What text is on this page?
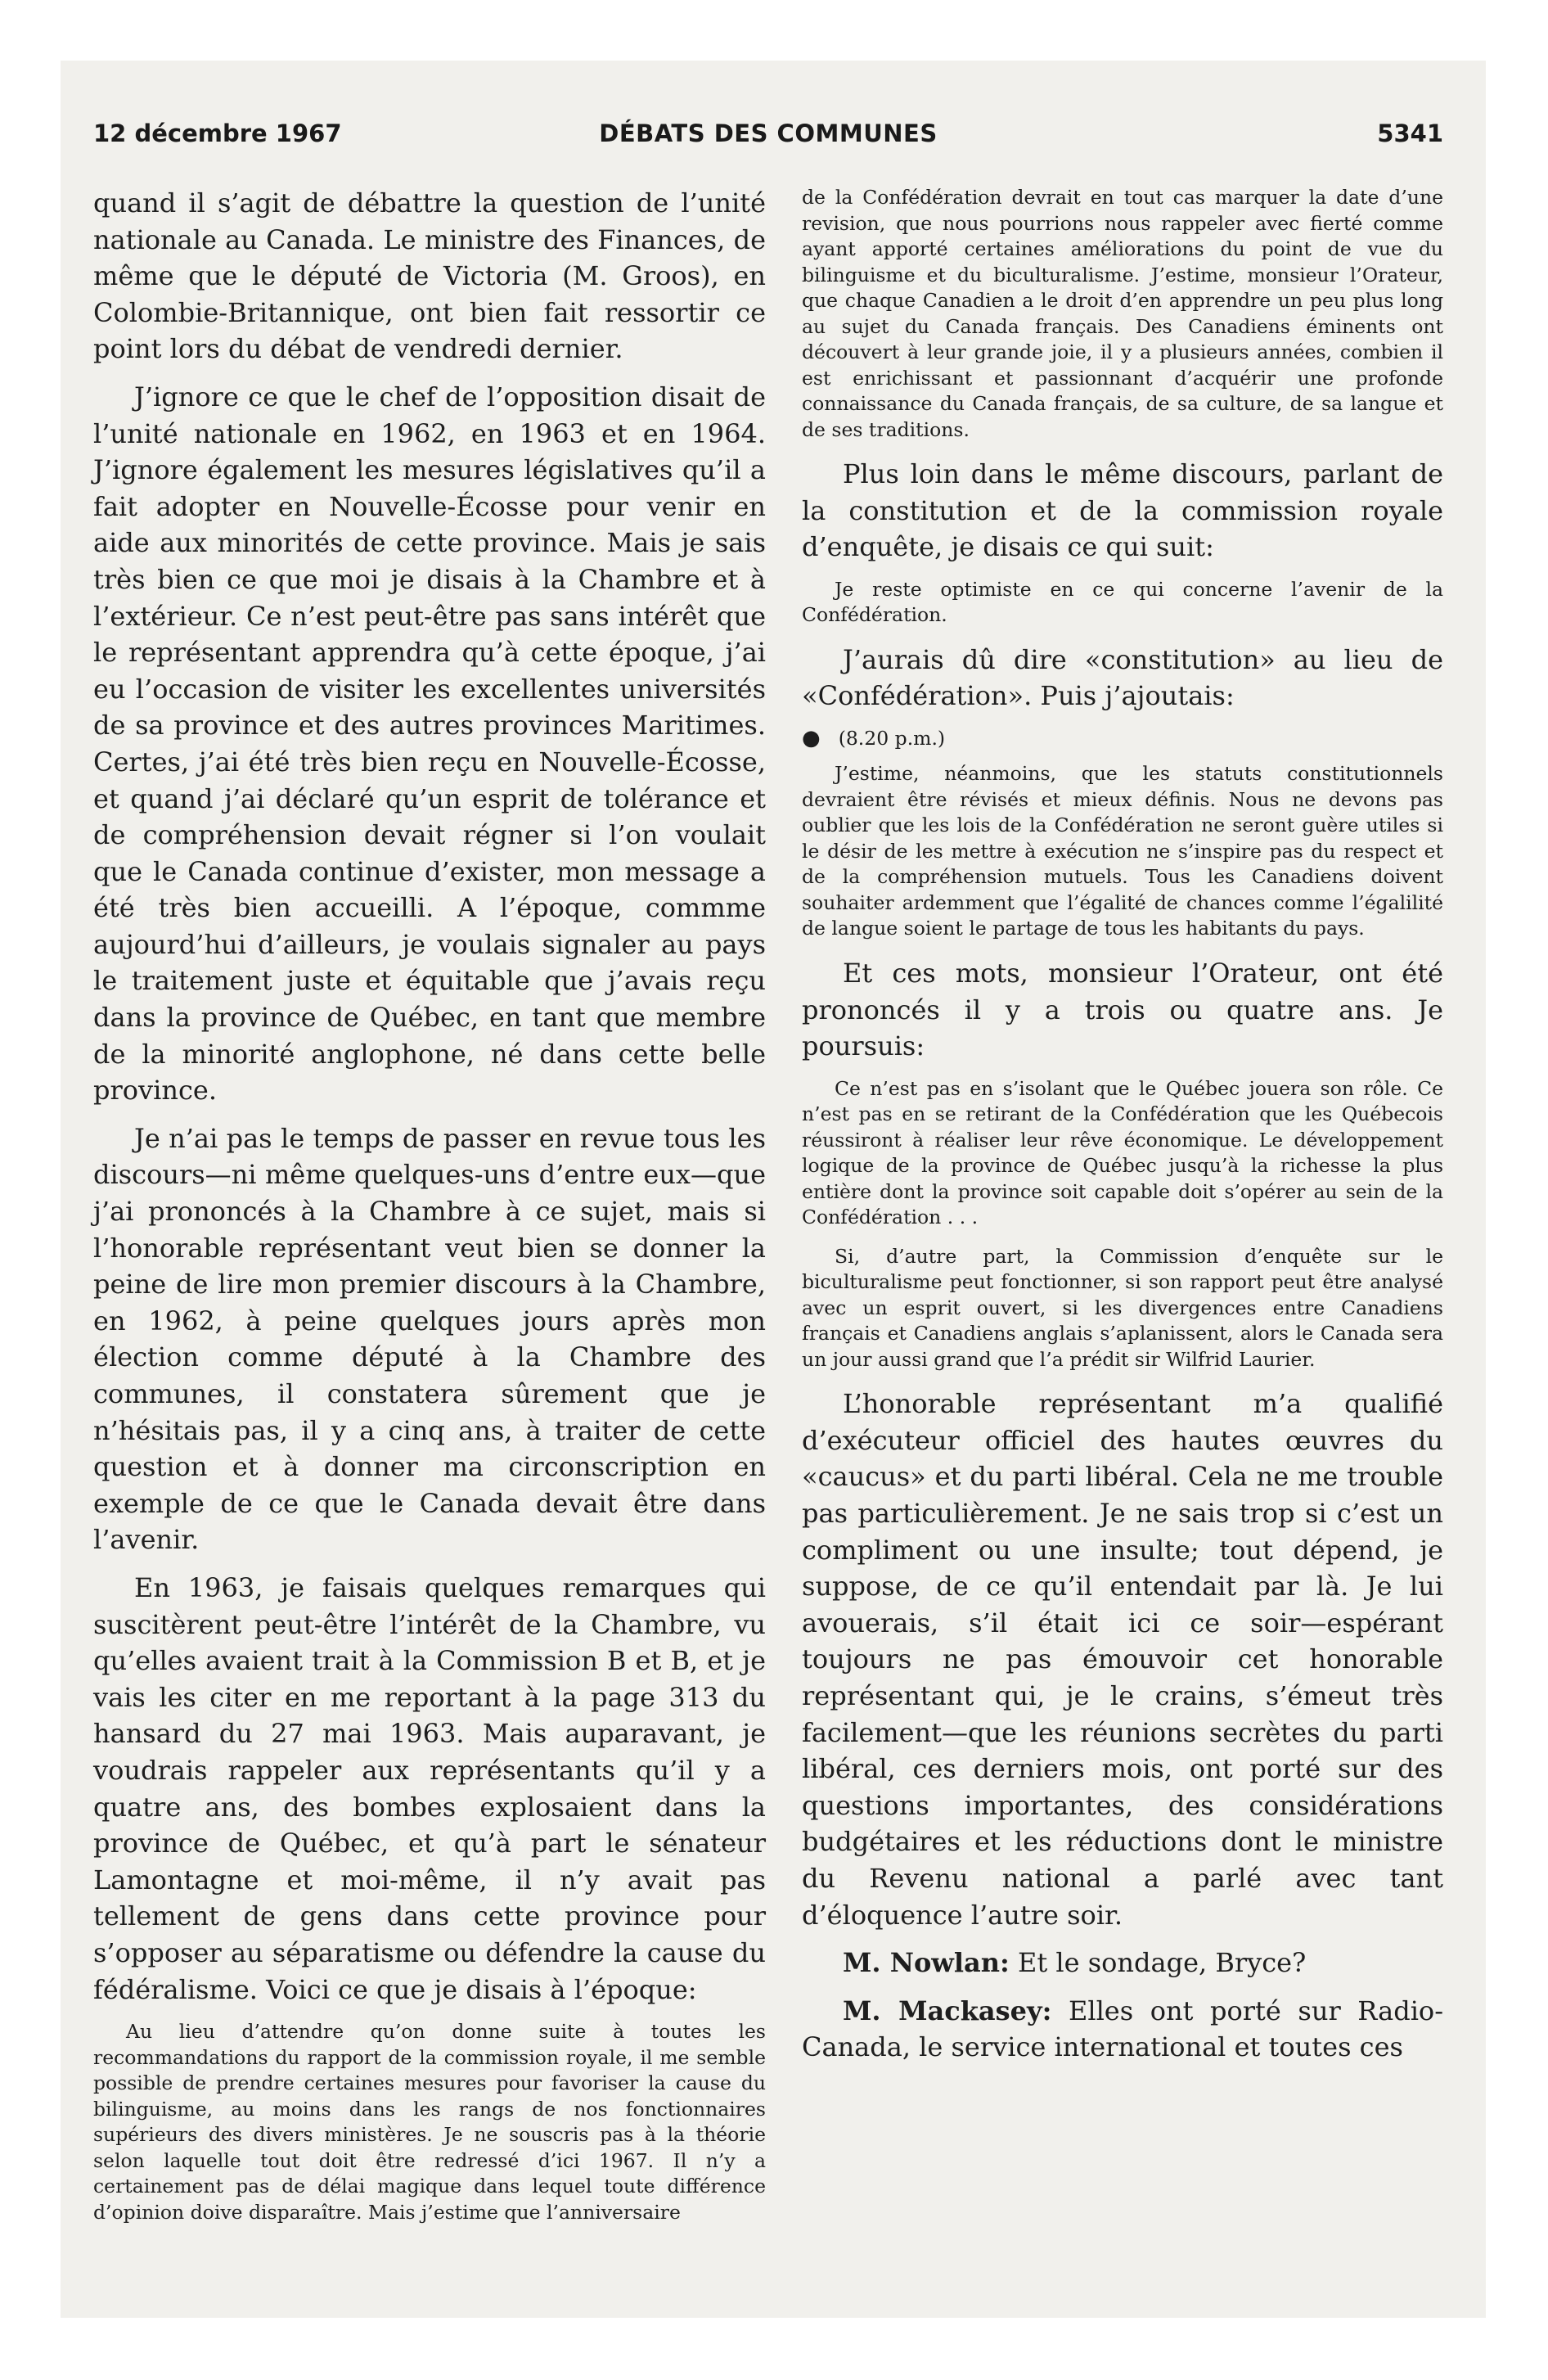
12 décembre 1967	DÉBATS DES COMMUNES	5341

quand il s’agit de débattre la question de l’unité nationale au Canada. Le ministre des Finances, de même que le député de Victoria (M. Groos), en Colombie-Britannique, ont bien fait ressortir ce point lors du débat de vendredi dernier.

J’ignore ce que le chef de l’opposition disait de l’unité nationale en 1962, en 1963 et en 1964. J’ignore également les mesures législatives qu’il a fait adopter en Nouvelle-Écosse pour venir en aide aux minorités de cette province. Mais je sais très bien ce que moi je disais à la Chambre et à l’extérieur. Ce n’est peut-être pas sans intérêt que le représentant apprendra qu’à cette époque, j’ai eu l’occasion de visiter les excellentes universités de sa province et des autres provinces Maritimes. Certes, j’ai été très bien reçu en Nouvelle-Écosse, et quand j’ai déclaré qu’un esprit de tolérance et de compréhension devait régner si l’on voulait que le Canada continue d’exister, mon message a été très bien accueilli. A l’époque, commme aujourd’hui d’ailleurs, je voulais signaler au pays le traitement juste et équitable que j’avais reçu dans la province de Québec, en tant que membre de la minorité anglophone, né dans cette belle province.

Je n’ai pas le temps de passer en revue tous les discours—ni même quelques-uns d’entre eux—que j’ai prononcés à la Chambre à ce sujet, mais si l’honorable représentant veut bien se donner la peine de lire mon premier discours à la Chambre, en 1962, à peine quelques jours après mon élection comme député à la Chambre des communes, il constatera sûrement que je n’hésitais pas, il y a cinq ans, à traiter de cette question et à donner ma circonscription en exemple de ce que le Canada devait être dans l’avenir.

En 1963, je faisais quelques remarques qui suscitèrent peut-être l’intérêt de la Chambre, vu qu’elles avaient trait à la Commission B et B, et je vais les citer en me reportant à la page 313 du hansard du 27 mai 1963. Mais auparavant, je voudrais rappeler aux représentants qu’il y a quatre ans, des bombes explosaient dans la province de Québec, et qu’à part le sénateur Lamontagne et moi-même, il n’y avait pas tellement de gens dans cette province pour s’opposer au séparatisme ou défendre la cause du fédéralisme. Voici ce que je disais à l’époque:

Au lieu d’attendre qu’on donne suite à toutes les recommandations du rapport de la commission royale, il me semble possible de prendre certaines mesures pour favoriser la cause du bilinguisme, au moins dans les rangs de nos fonctionnaires supérieurs des divers ministères. Je ne souscris pas à la théorie selon laquelle tout doit être redressé d’ici 1967. Il n’y a certainement pas de délai magique dans lequel toute différence d’opinion doive disparaître. Mais j’estime que l’anniversaire

de la Confédération devrait en tout cas marquer la date d’une revision, que nous pourrions nous rappeler avec fierté comme ayant apporté certaines améliorations du point de vue du bilinguisme et du biculturalisme. J’estime, monsieur l’Orateur, que chaque Canadien a le droit d’en apprendre un peu plus long au sujet du Canada français. Des Canadiens éminents ont découvert à leur grande joie, il y a plusieurs années, combien il est enrichissant et passionnant d’acquérir une profonde connaissance du Canada français, de sa culture, de sa langue et de ses traditions.

Plus loin dans le même discours, parlant de la constitution et de la commission royale d’enquête, je disais ce qui suit:

Je reste optimiste en ce qui concerne l’avenir de la Confédération.

J’aurais dû dire «constitution» au lieu de «Confédération». Puis j’ajoutais:

● (8.20 p.m.)

J’estime, néanmoins, que les statuts constitutionnels devraient être révisés et mieux définis. Nous ne devons pas oublier que les lois de la Confédération ne seront guère utiles si le désir de les mettre à exécution ne s’inspire pas du respect et de la compréhension mutuels. Tous les Canadiens doivent souhaiter ardemment que l’égalité de chances comme l’égalilité de langue soient le partage de tous les habitants du pays.

Et ces mots, monsieur l’Orateur, ont été prononcés il y a trois ou quatre ans. Je poursuis:

Ce n’est pas en s’isolant que le Québec jouera son rôle. Ce n’est pas en se retirant de la Confédération que les Québecois réussiront à réaliser leur rêve économique. Le développement logique de la province de Québec jusqu’à la richesse la plus entière dont la province soit capable doit s’opérer au sein de la Confédération . . .

Si, d’autre part, la Commission d’enquête sur le biculturalisme peut fonctionner, si son rapport peut être analysé avec un esprit ouvert, si les divergences entre Canadiens français et Canadiens anglais s’aplanissent, alors le Canada sera un jour aussi grand que l’a prédit sir Wilfrid Laurier.

L’honorable représentant m’a qualifié d’exécuteur officiel des hautes œuvres du «caucus» et du parti libéral. Cela ne me trouble pas particulièrement. Je ne sais trop si c’est un compliment ou une insulte; tout dépend, je suppose, de ce qu’il entendait par là. Je lui avouerais, s’il était ici ce soir—espérant toujours ne pas émouvoir cet honorable représentant qui, je le crains, s’émeut très facilement—que les réunions secrètes du parti libéral, ces derniers mois, ont porté sur des questions importantes, des considérations budgétaires et les réductions dont le ministre du Revenu national a parlé avec tant d’éloquence l’autre soir.

M. Nowlan: Et le sondage, Bryce?

M. Mackasey: Elles ont porté sur Radio-Canada, le service international et toutes ces
